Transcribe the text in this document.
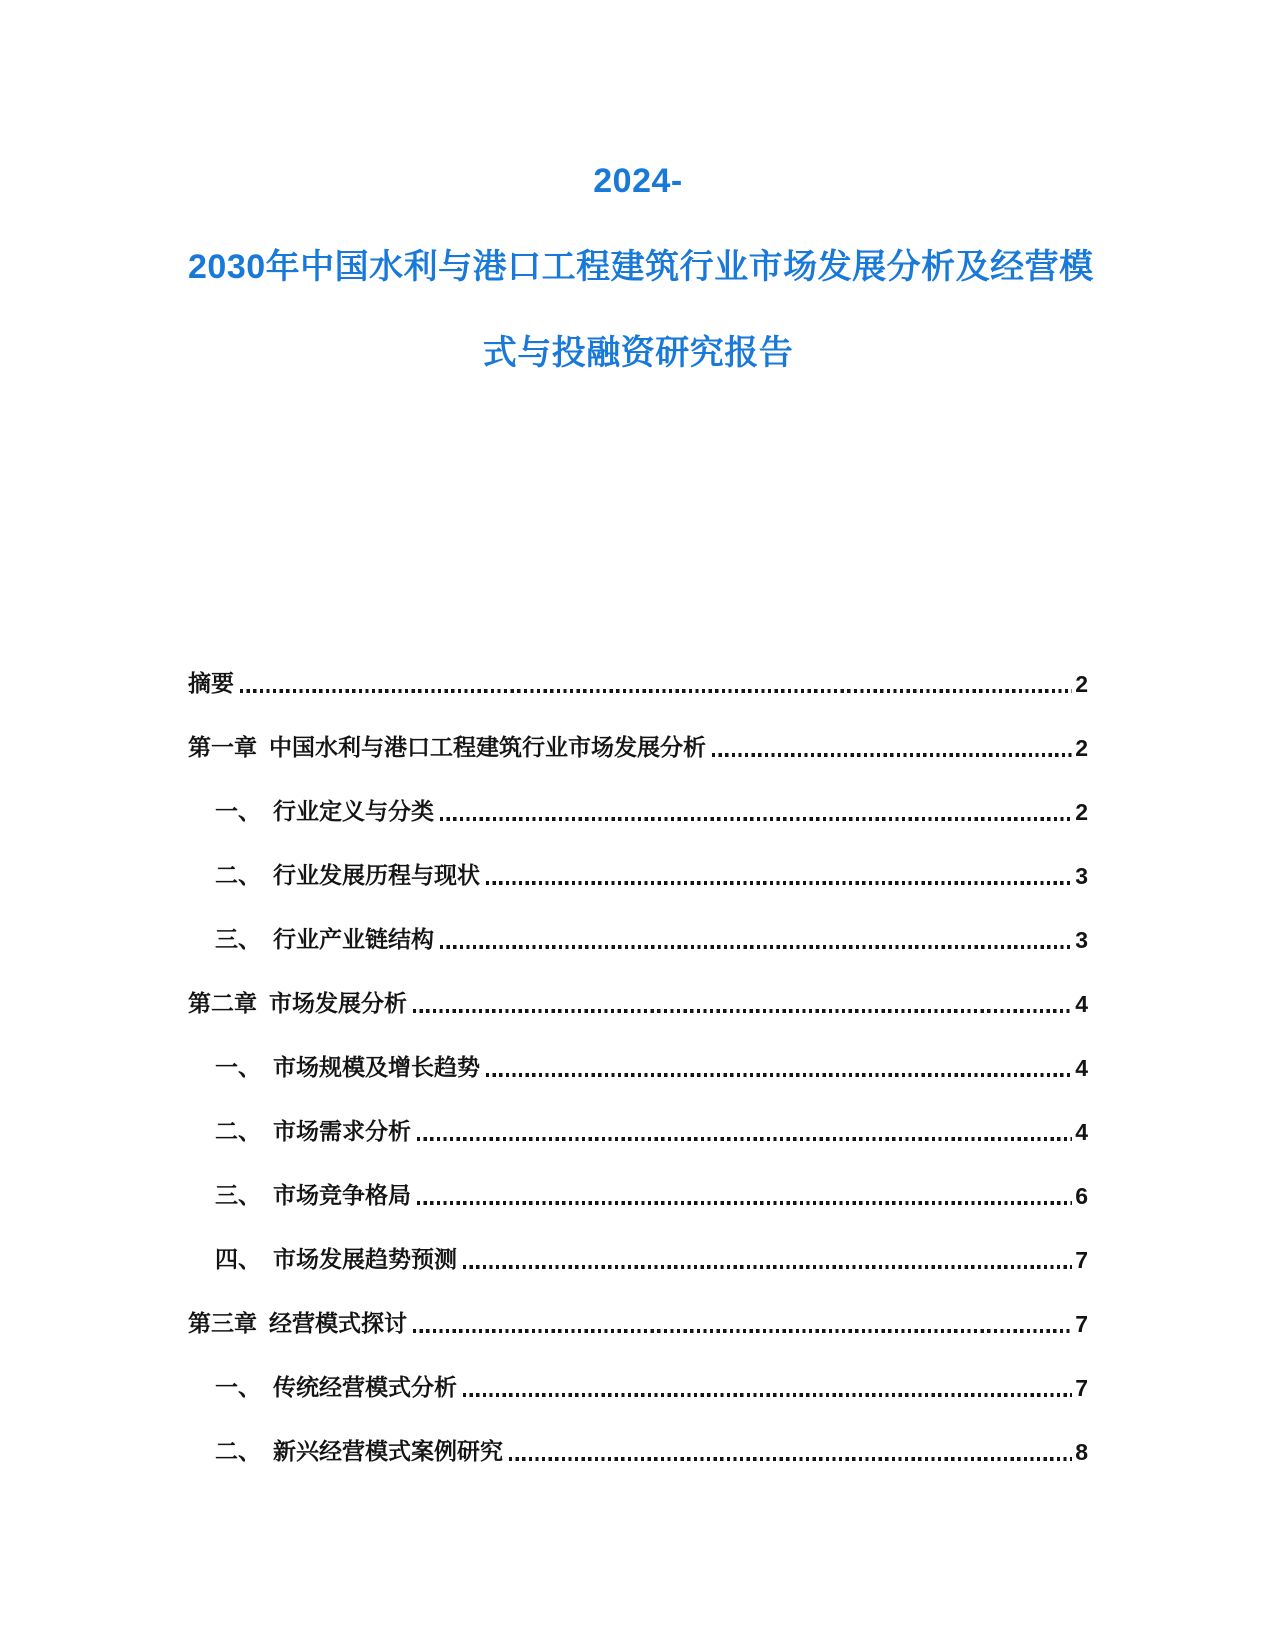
2024-
2030年中国水利与港口工程建筑行业市场发展分析及经营模
式与投融资研究报告
摘要	2
第一章 中国水利与港口工程建筑行业市场发展分析	2
一、 行业定义与分类	2
二、 行业发展历程与现状	3
三、 行业产业链结构	3
第二章 市场发展分析	4
一、 市场规模及增长趋势	4
二、 市场需求分析	4
三、 市场竞争格局	6
四、 市场发展趋势预测	7
第三章 经营模式探讨	7
一、 传统经营模式分析	7
二、 新兴经营模式案例研究	8
